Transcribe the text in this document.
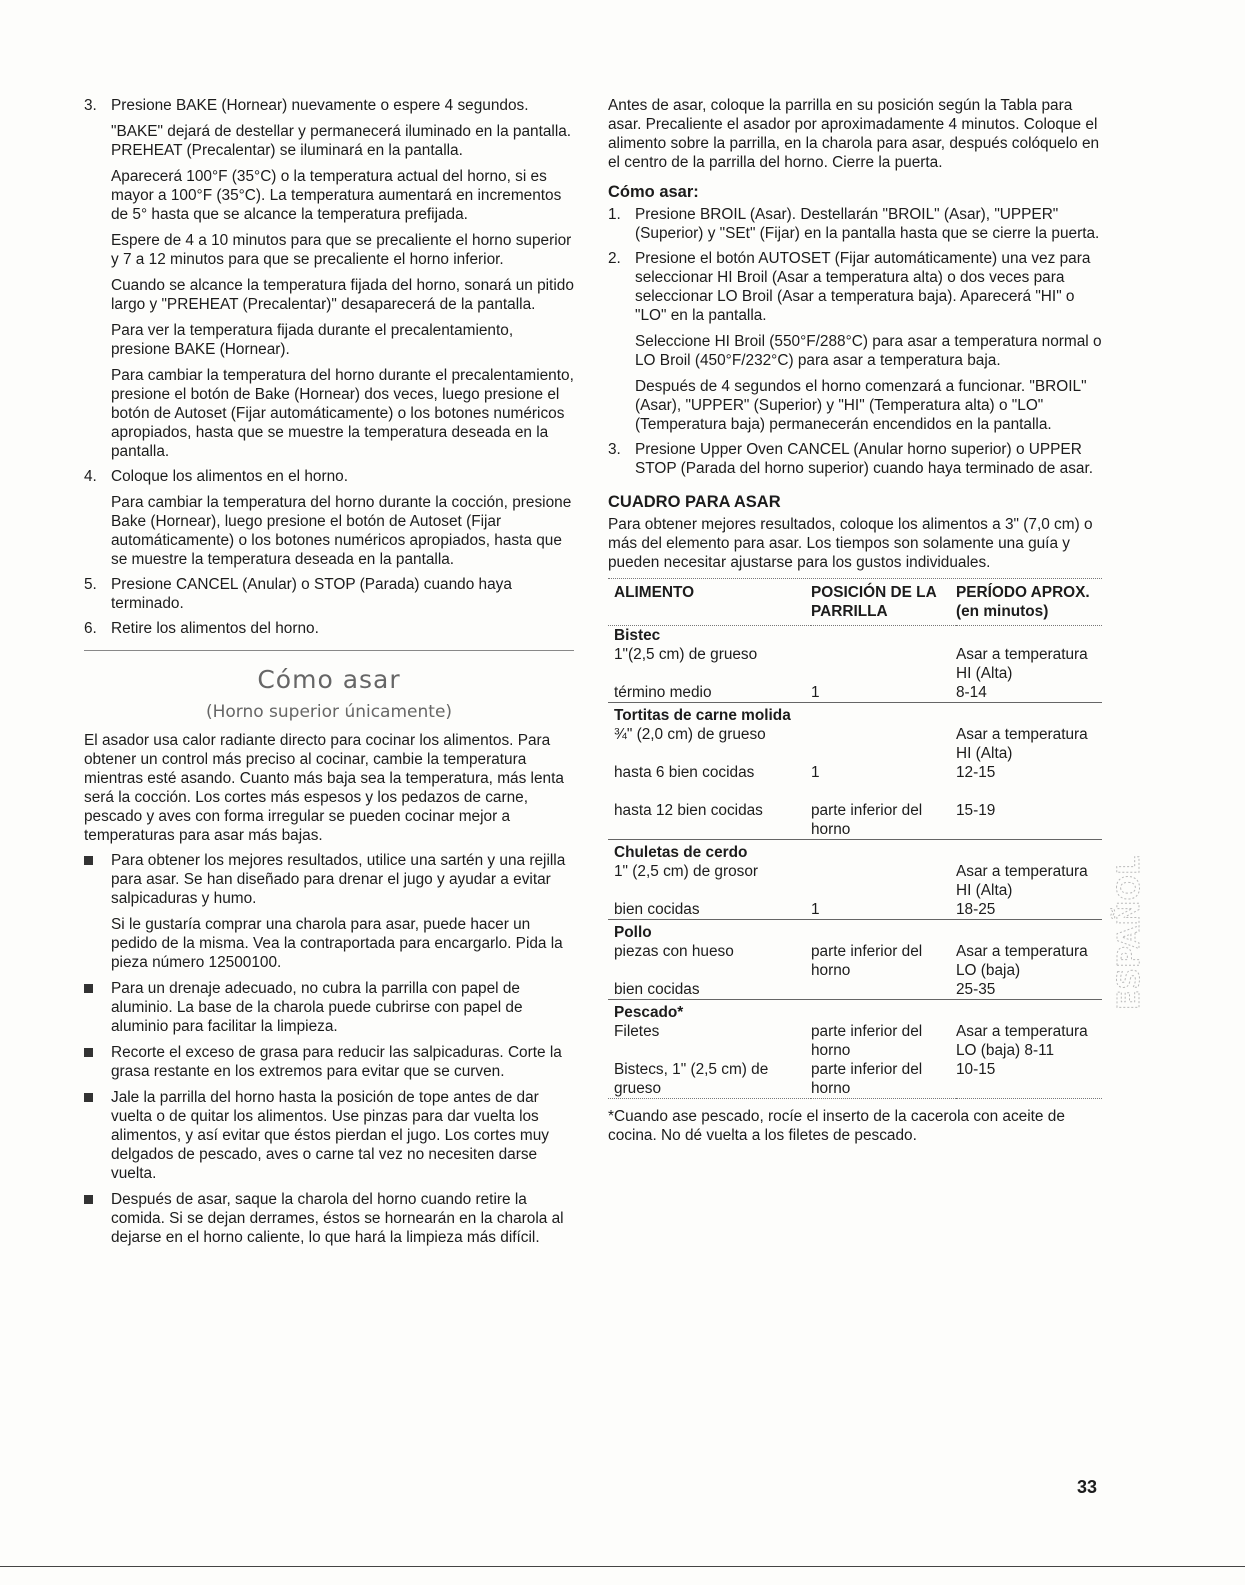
3. Presione BAKE (Hornear) nuevamente o espere 4 segundos.

"BAKE" dejará de destellar y permanecerá iluminado en la pantalla. PREHEAT (Precalentar) se iluminará en la pantalla.

Aparecerá 100°F (35°C) o la temperatura actual del horno, si es mayor a 100°F (35°C). La temperatura aumentará en incrementos de 5° hasta que se alcance la temperatura prefijada.

Espere de 4 a 10 minutos para que se precaliente el horno superior y 7 a 12 minutos para que se precaliente el horno inferior.

Cuando se alcance la temperatura fijada del horno, sonará un pitido largo y "PREHEAT (Precalentar)" desaparecerá de la pantalla.

Para ver la temperatura fijada durante el precalentamiento, presione BAKE (Hornear).

Para cambiar la temperatura del horno durante el precalentamiento, presione el botón de Bake (Hornear) dos veces, luego presione el botón de Autoset (Fijar automáticamente) o los botones numéricos apropiados, hasta que se muestre la temperatura deseada en la pantalla.

4. Coloque los alimentos en el horno.

Para cambiar la temperatura del horno durante la cocción, presione Bake (Hornear), luego presione el botón de Autoset (Fijar automáticamente) o los botones numéricos apropiados, hasta que se muestre la temperatura deseada en la pantalla.

5. Presione CANCEL (Anular) o STOP (Parada) cuando haya terminado.

6. Retire los alimentos del horno.

Cómo asar
(Horno superior únicamente)

El asador usa calor radiante directo para cocinar los alimentos. Para obtener un control más preciso al cocinar, cambie la temperatura mientras esté asando. Cuanto más baja sea la temperatura, más lenta será la cocción. Los cortes más espesos y los pedazos de carne, pescado y aves con forma irregular se pueden cocinar mejor a temperaturas para asar más bajas.

Para obtener los mejores resultados, utilice una sartén y una rejilla para asar. Se han diseñado para drenar el jugo y ayudar a evitar salpicaduras y humo.

Si le gustaría comprar una charola para asar, puede hacer un pedido de la misma. Vea la contraportada para encargarlo. Pida la pieza número 12500100.

Para un drenaje adecuado, no cubra la parrilla con papel de aluminio. La base de la charola puede cubrirse con papel de aluminio para facilitar la limpieza.

Recorte el exceso de grasa para reducir las salpicaduras. Corte la grasa restante en los extremos para evitar que se curven.

Jale la parrilla del horno hasta la posición de tope antes de dar vuelta o de quitar los alimentos. Use pinzas para dar vuelta los alimentos, y así evitar que éstos pierdan el jugo. Los cortes muy delgados de pescado, aves o carne tal vez no necesiten darse vuelta.

Después de asar, saque la charola del horno cuando retire la comida. Si se dejan derrames, éstos se hornearán en la charola al dejarse en el horno caliente, lo que hará la limpieza más difícil.

Antes de asar, coloque la parrilla en su posición según la Tabla para asar. Precaliente el asador por aproximadamente 4 minutos. Coloque el alimento sobre la parrilla, en la charola para asar, después colóquelo en el centro de la parrilla del horno. Cierre la puerta.

Cómo asar:
1. Presione BROIL (Asar). Destellarán "BROIL" (Asar), "UPPER" (Superior) y "SEt" (Fijar) en la pantalla hasta que se cierre la puerta.

2. Presione el botón AUTOSET (Fijar automáticamente) una vez para seleccionar HI Broil (Asar a temperatura alta) o dos veces para seleccionar LO Broil (Asar a temperatura baja). Aparecerá "HI" o "LO" en la pantalla.

Seleccione HI Broil (550°F/288°C) para asar a temperatura normal o LO Broil (450°F/232°C) para asar a temperatura baja.

Después de 4 segundos el horno comenzará a funcionar. "BROIL" (Asar), "UPPER" (Superior) y "HI" (Temperatura alta) o "LO" (Temperatura baja) permanecerán encendidos en la pantalla.

3. Presione Upper Oven CANCEL (Anular horno superior) o UPPER STOP (Parada del horno superior) cuando haya terminado de asar.

CUADRO PARA ASAR

Para obtener mejores resultados, coloque los alimentos a 3" (7,0 cm) o más del elemento para asar. Los tiempos son solamente una guía y pueden necesitar ajustarse para los gustos individuales.

ALIMENTO	POSICIÓN DE LA PARRILLA	PERÍODO APROX. (en minutos)

Bistec		
1"(2,5 cm) de grueso		Asar a temperatura HI (Alta)
término medio	1	8-14
Tortitas de carne molida		
¾" (2,0 cm) de grueso		Asar a temperatura HI (Alta)
hasta 6 bien cocidas	1	12-15
hasta 12 bien cocidas	parte inferior del horno	15-19
Chuletas de cerdo		
1" (2,5 cm) de grosor		Asar a temperatura HI (Alta)
bien cocidas	1	18-25
Pollo		
piezas con hueso	parte inferior del horno	Asar a temperatura LO (baja)
bien cocidas		25-35
Pescado*		
Filetes	parte inferior del horno	Asar a temperatura LO (baja) 8-11
Bistecs, 1" (2,5 cm) de grueso	parte inferior del horno	10-15

*Cuando ase pescado, rocíe el inserto de la cacerola con aceite de cocina. No dé vuelta a los filetes de pescado.

ESPAÑOL
33
